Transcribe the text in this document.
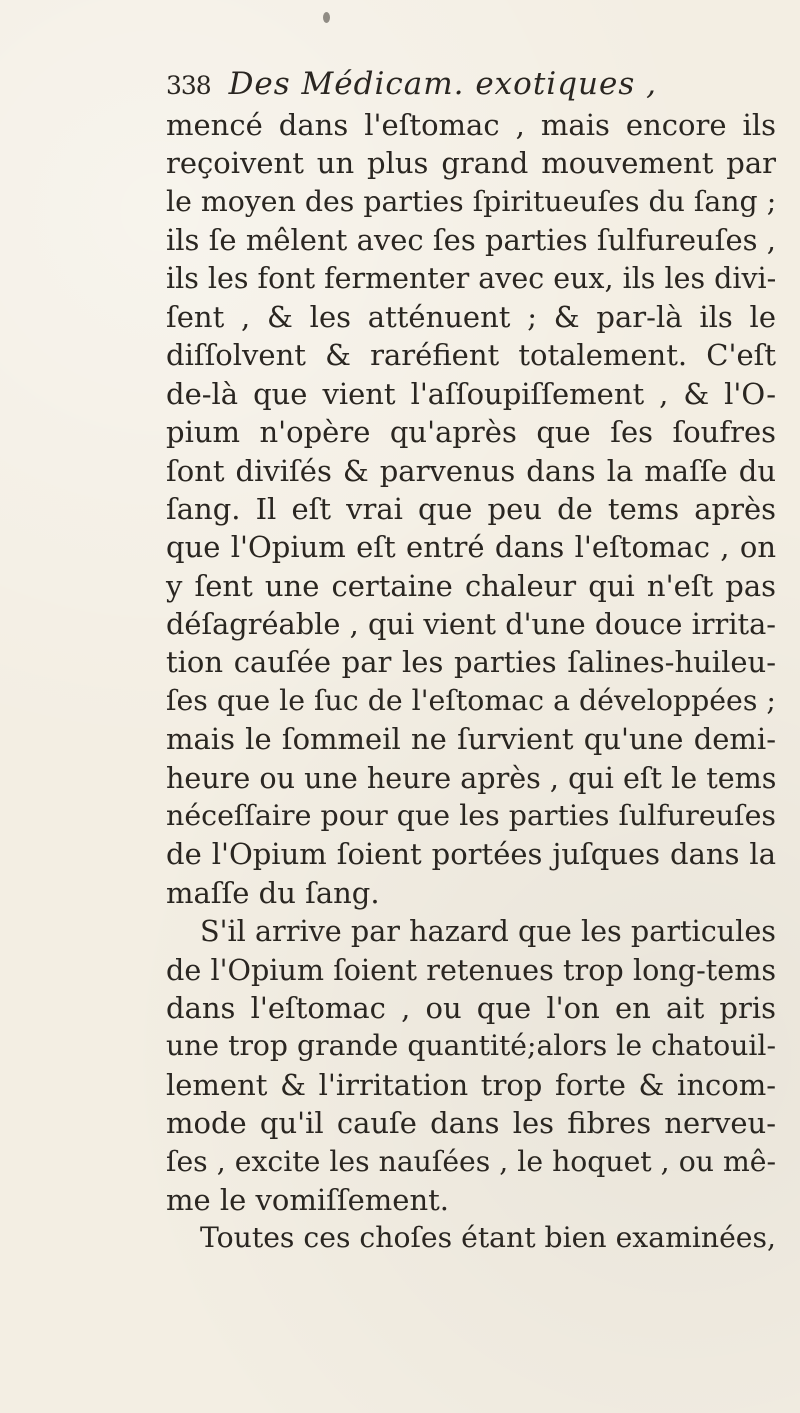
338 Des Médicam. exotiques ,
mencé dans l'eſtomac , mais encore ils
reçoivent un plus grand mouvement par
le moyen des parties ſpiritueuſes du ſang ;
ils ſe mêlent avec ſes parties ſulfureuſes ,
ils les font fermenter avec eux, ils les divi-
ſent , & les atténuent ; & par-là ils le
diſſolvent & raréfient totalement. C'eſt
de-là que vient l'aſſoupiſſement , & l'O-
pium n'opère qu'après que ſes ſoufres
ſont diviſés & parvenus dans la maſſe du
ſang. Il eſt vrai que peu de tems après
que l'Opium eſt entré dans l'eſtomac , on
y ſent une certaine chaleur qui n'eſt pas
déſagréable , qui vient d'une douce irrita-
tion cauſée par les parties ſalines-huileu-
ſes que le ſuc de l'eſtomac a développées ;
mais le ſommeil ne ſurvient qu'une demi-
heure ou une heure après , qui eſt le tems
néceſſaire pour que les parties ſulfureuſes
de l'Opium ſoient portées juſques dans la
maſſe du ſang.
S'il arrive par hazard que les particules
de l'Opium ſoient retenues trop long-tems
dans l'eſtomac , ou que l'on en ait pris
une trop grande quantité;alors le chatouil-
lement & l'irritation trop forte & incom-
mode qu'il cauſe dans les fibres nerveu-
ſes , excite les nauſées , le hoquet , ou mê-
me le vomiſſement.
Toutes ces choſes étant bien examinées,
